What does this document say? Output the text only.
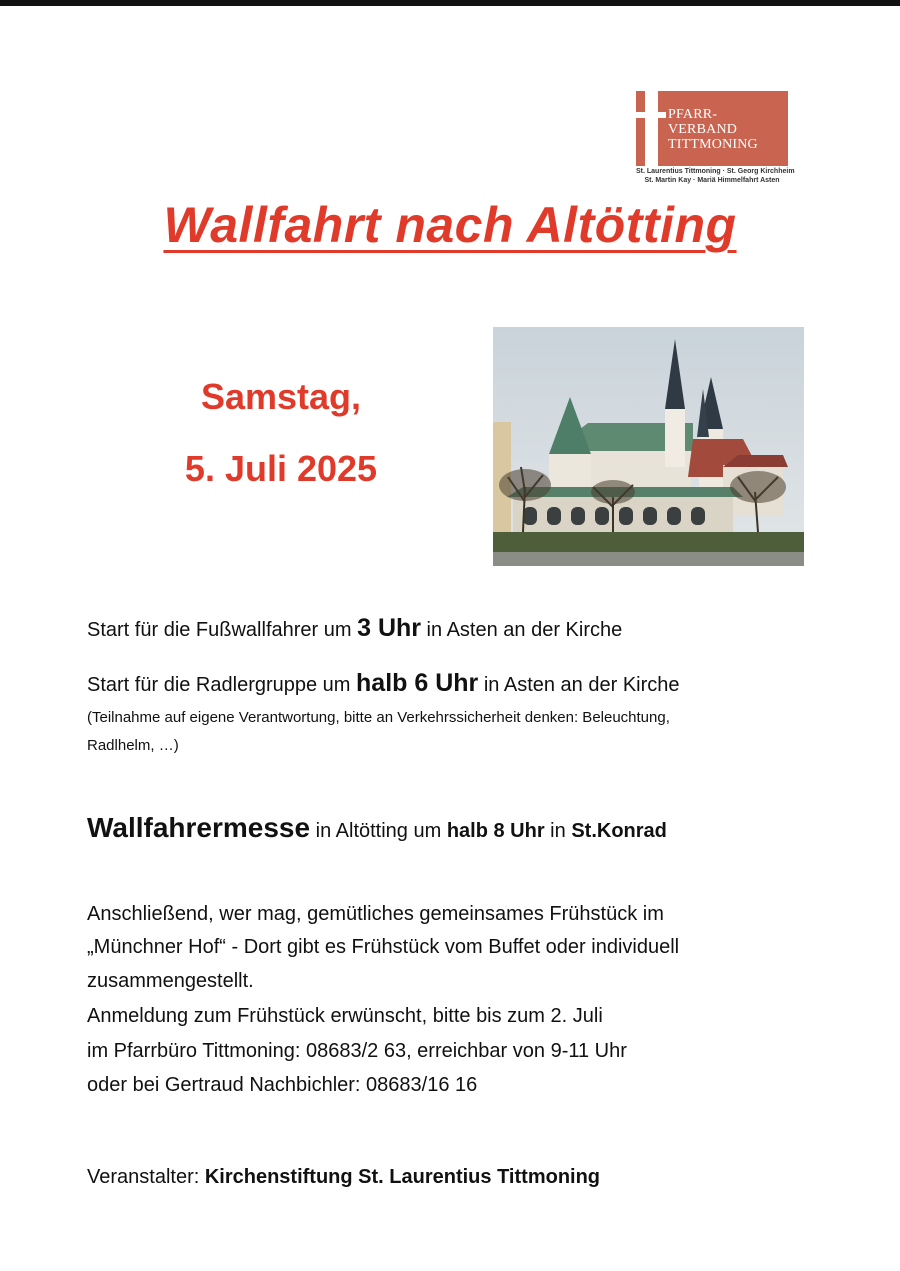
PFARR-
VERBAND
TITTMONING
St. Laurentius Tittmoning · St. Georg Kirchheim
St. Martin Kay · Mariä Himmelfahrt Asten
Wallfahrt nach Altötting
Samstag,
5. Juli 2025
Start für die Fußwallfahrer um 3 Uhr in Asten an der Kirche
Start für die Radlergruppe um halb 6 Uhr in Asten an der Kirche
(Teilnahme auf eigene Verantwortung, bitte an Verkehrssicherheit denken: Beleuchtung,
Radlhelm, …)
Wallfahrermesse in Altötting um halb 8 Uhr in St.Konrad
Anschließend, wer mag, gemütliches gemeinsames Frühstück im
„Münchner Hof“ - Dort gibt es Frühstück vom Buffet oder individuell
zusammengestellt.
Anmeldung zum Frühstück erwünscht, bitte bis zum 2. Juli
im Pfarrbüro Tittmoning: 08683/2 63, erreichbar von 9-11 Uhr
oder bei Gertraud Nachbichler: 08683/16 16
Veranstalter: Kirchenstiftung St. Laurentius Tittmoning
